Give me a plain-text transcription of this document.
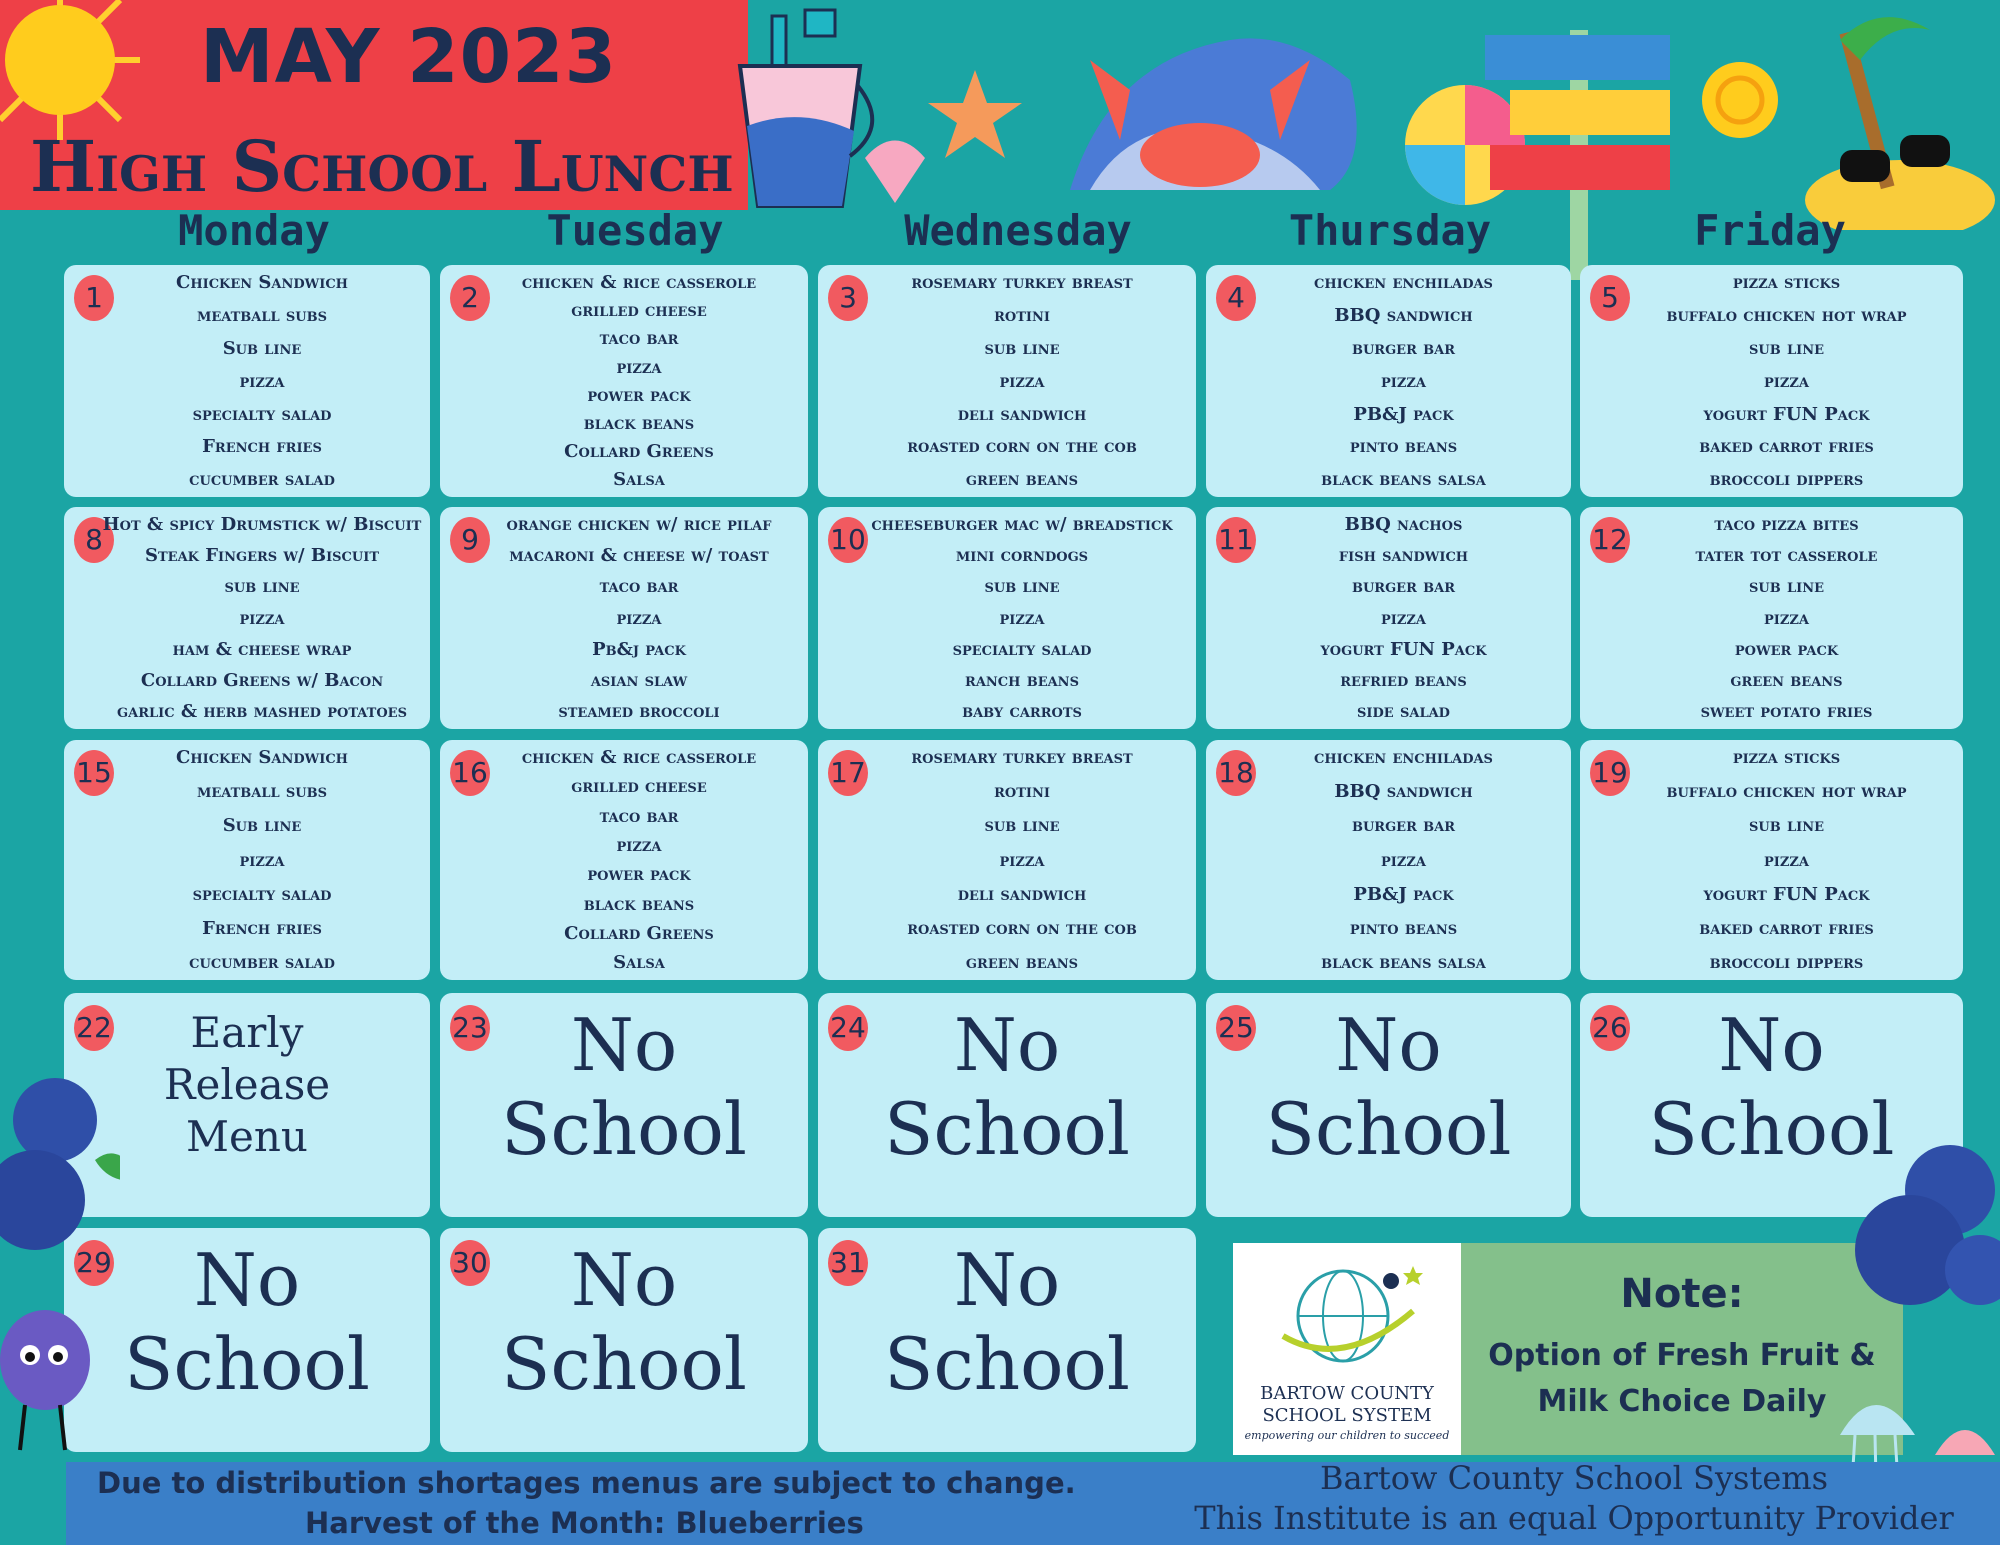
MAY 2023
High School Lunch
Monday	Tuesday	Wednesday	Thursday	Friday
1	Chicken Sandwich
meatball subs
Sub line
pizza
specialty salad
French fries
cucumber salad
2	chicken & rice casserole
grilled cheese
taco bar
pizza
power pack
black beans
Collard Greens
Salsa
3	rosemary turkey breast
rotini
sub line
pizza
deli sandwich
roasted corn on the cob
green beans
4	chicken enchiladas
BBQ sandwich
burger bar
pizza
PB&J pack
pinto beans
black beans salsa
5	pizza sticks
buffalo chicken hot wrap
sub line
pizza
yogurt FUN Pack
baked carrot fries
broccoli dippers
8 Hot & spicy Drumstick w/ Biscuit
Steak Fingers w/ Biscuit
sub line
pizza
ham & cheese wrap
Collard Greens w/ Bacon
garlic & herb mashed potatoes
9	orange chicken w/ rice pilaf
macaroni & cheese w/ toast
taco bar
pizza
Pb&j pack
asian slaw
steamed broccoli
10 cheeseburger mac w/ breadstick
mini corndogs
sub line
pizza
specialty salad
ranch beans
baby carrots
11	BBQ nachos
fish sandwich
burger bar
pizza
yogurt FUN Pack
refried beans
side salad
12	taco pizza bites
tater tot casserole
sub line
pizza
power pack
green beans
sweet potato fries
15	Chicken Sandwich
meatball subs
Sub line
pizza
specialty salad
French fries
cucumber salad
16 chicken & rice casserole
grilled cheese
taco bar
pizza
power pack
black beans
Collard Greens
Salsa
17	rosemary turkey breast
rotini
sub line
pizza
deli sandwich
roasted corn on the cob
green beans
18	chicken enchiladas
BBQ sandwich
burger bar
pizza
PB&J pack
pinto beans
black beans salsa
19	pizza sticks
buffalo chicken hot wrap
sub line
pizza
yogurt FUN Pack
baked carrot fries
broccoli dippers
22	Early Release Menu
23	No School
24	No School
25	No School
26	No School
29	No School
30	No School
31	No School	BARTOW COUNTY SCHOOL SYSTEM
empowering our children to succeed
Note:
Option of Fresh Fruit & Milk Choice Daily
Due to distribution shortages menus are subject to change.
Harvest of the Month: Blueberries
Bartow County School Systems
This Institute is an equal Opportunity Provider
